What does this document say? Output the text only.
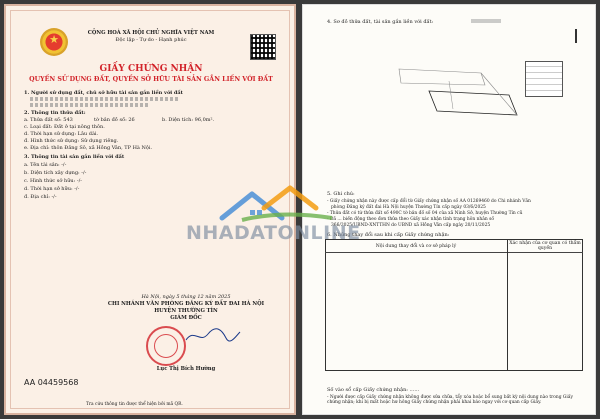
★
CỘNG HOÀ XÃ HỘI CHỦ NGHĨA VIỆT NAM
Độc lập - Tự do - Hạnh phúc
GIẤY CHỨNG NHẬN
QUYỀN SỬ DỤNG ĐẤT, QUYỀN SỞ HỮU TÀI SẢN GẮN LIỀN VỚI ĐẤT
1. Người sử dụng đất, chủ sở hữu tài sản gắn liền với đất
2. Thông tin thửa đất:
a. Thửa đất số: 543	tờ bản đồ số: 26	b. Diện tích: 96,0m².
c. Loại đất: Đất ở tại nông thôn.
d. Thời hạn sử dụng: Lâu dài.
đ. Hình thức sử dụng: Sử dụng riêng.
e. Địa chỉ: thôn Đăng Sô, xã Hồng Vân, TP Hà Nội.
3. Thông tin tài sản gắn liền với đất
a. Tên tài sản: -/-
b. Diện tích xây dựng: -/-
c. Hình thức sở hữu: -/-
d. Thời hạn sở hữu: -/-
đ. Địa chỉ: -/-
Hà Nội, ngày 5 tháng 12 năm 2025
CHI NHÁNH VĂN PHÒNG ĐĂNG KÝ ĐẤT ĐAI HÀ NỘI
HUYỆN THƯỜNG TÍN
GIÁM ĐỐC
Lục Thị Bích Hường
AA 04459568
Tra cứu thông tin được thể hiện bởi mã QR.
4. Sơ đồ thửa đất, tài sản gắn liền với đất:
5. Ghi chú:
- Giấy chứng nhận này được cấp đổi từ Giấy chứng nhận số AA 01269460 do Chi nhánh Văn
phòng Đăng ký đất đai Hà Nội huyện Thường Tín cấp ngày 03/6/2025
- Thửa đất có tứ thửa đất số 490C tờ bản đồ số 04 của xã Ninh Sở, huyện Thường Tín cũ
- Đã ... biến động theo đơn thửa theo Giấy xác nhận tình trạng hôn nhân số
366/2025/UBND-XNTTHN do UBND xã Hồng Vân cấp ngày 20/11/2025
6. Những thay đổi sau khi cấp Giấy chứng nhận:
Nội dung thay đổi và cơ sở pháp lý
Xác nhận của cơ quan có thẩm quyền
Số vào sổ cấp Giấy chứng nhận: ......
- Người được cấp Giấy chứng nhận không được sửa chữa, tẩy xóa hoặc bổ sung bất kỳ nội dung nào trong Giấy chứng nhận; khi bị mất hoặc hư hỏng Giấy chứng nhận phải khai báo ngay với cơ quan cấp Giấy.
NHADATONLINE
